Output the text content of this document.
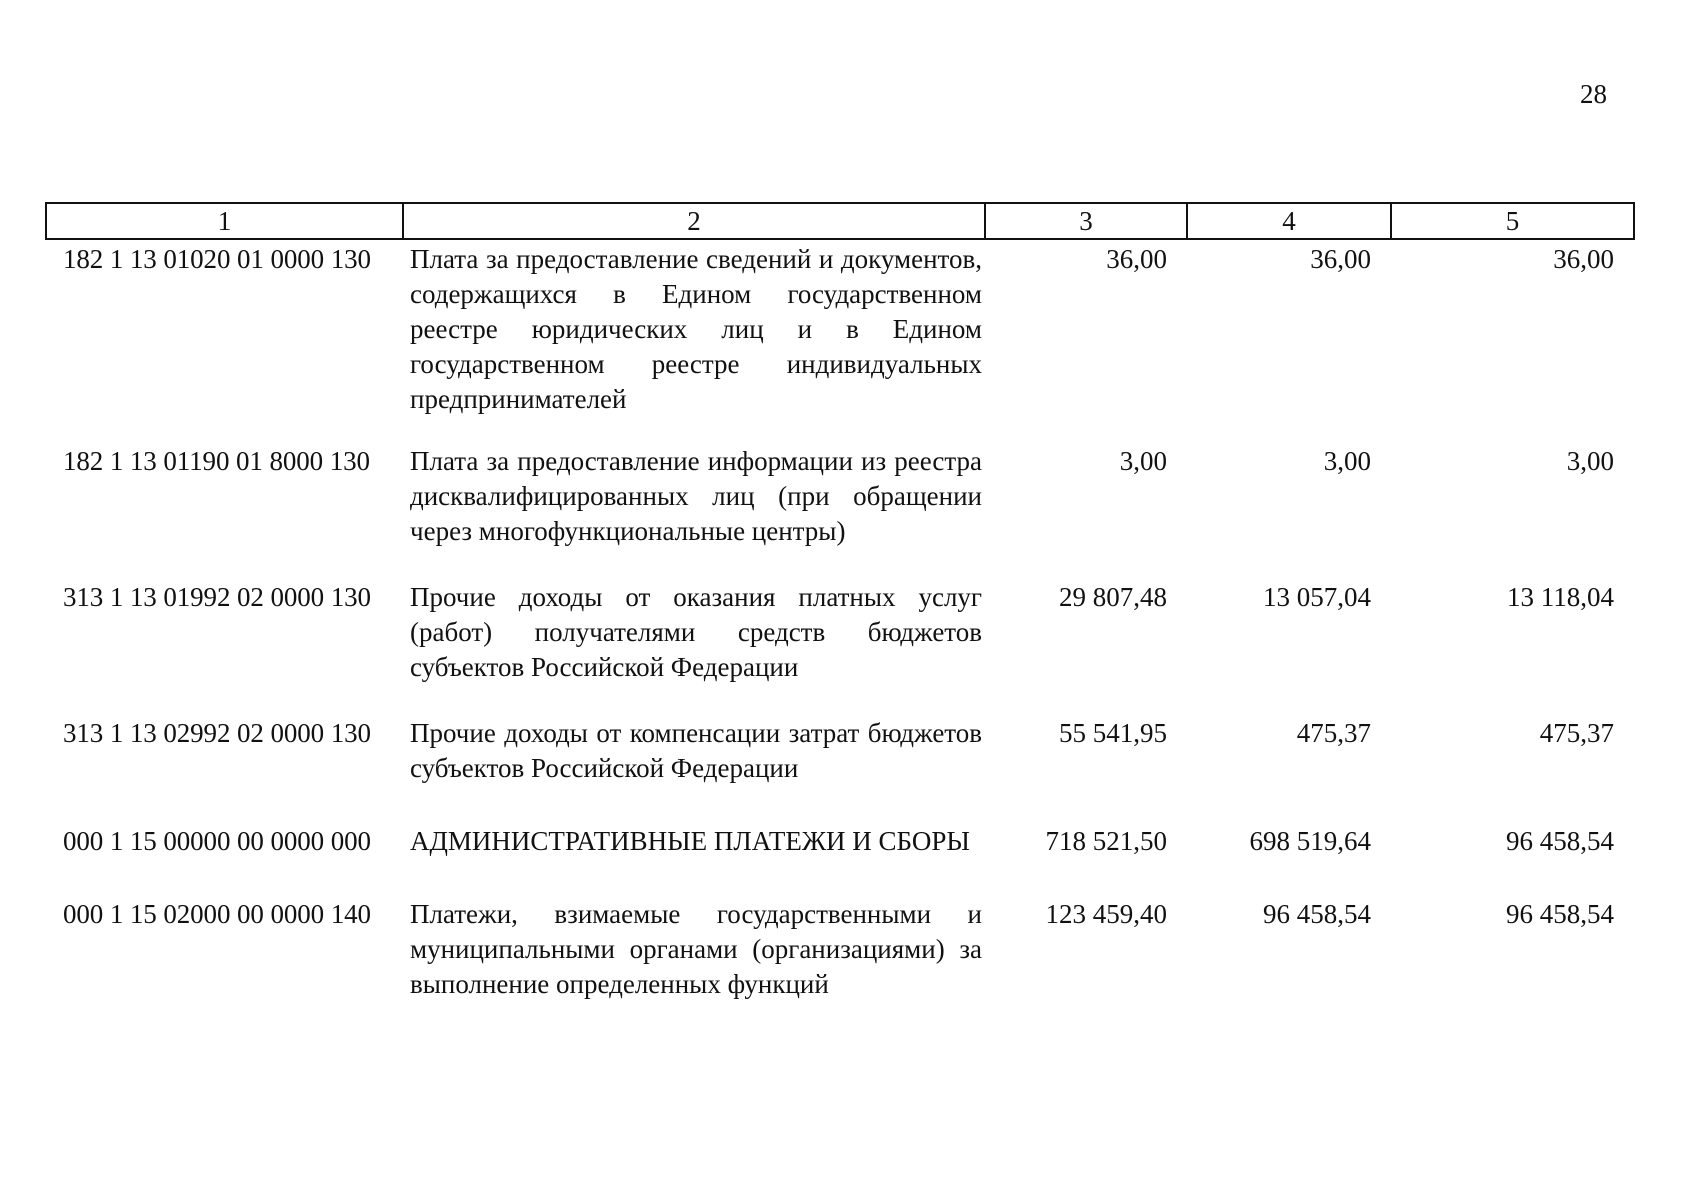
28
1	2	3	4	5
182 1 13 01020 01 0000 130	Плата за предоставление сведений и документов, содержащихся в Едином государственном реестре юридических лиц и в Едином государственном реестре индивидуальных предпринимателей	36,00	36,00	36,00
182 1 13 01190 01 8000 130	Плата за предоставление информации из реестра дисквалифицированных лиц (при обращении через многофункциональные центры)	3,00	3,00	3,00
313 1 13 01992 02 0000 130	Прочие доходы от оказания платных услуг (работ) получателями средств бюджетов субъектов Российской Федерации	29 807,48	13 057,04	13 118,04
313 1 13 02992 02 0000 130	Прочие доходы от компенсации затрат бюджетов субъектов Российской Федерации	55 541,95	475,37	475,37
000 1 15 00000 00 0000 000	АДМИНИСТРАТИВНЫЕ ПЛАТЕЖИ И СБОРЫ	718 521,50	698 519,64	96 458,54
000 1 15 02000 00 0000 140	Платежи, взимаемые государственными и муниципальными органами (организациями) за выполнение определенных функций	123 459,40	96 458,54	96 458,54
